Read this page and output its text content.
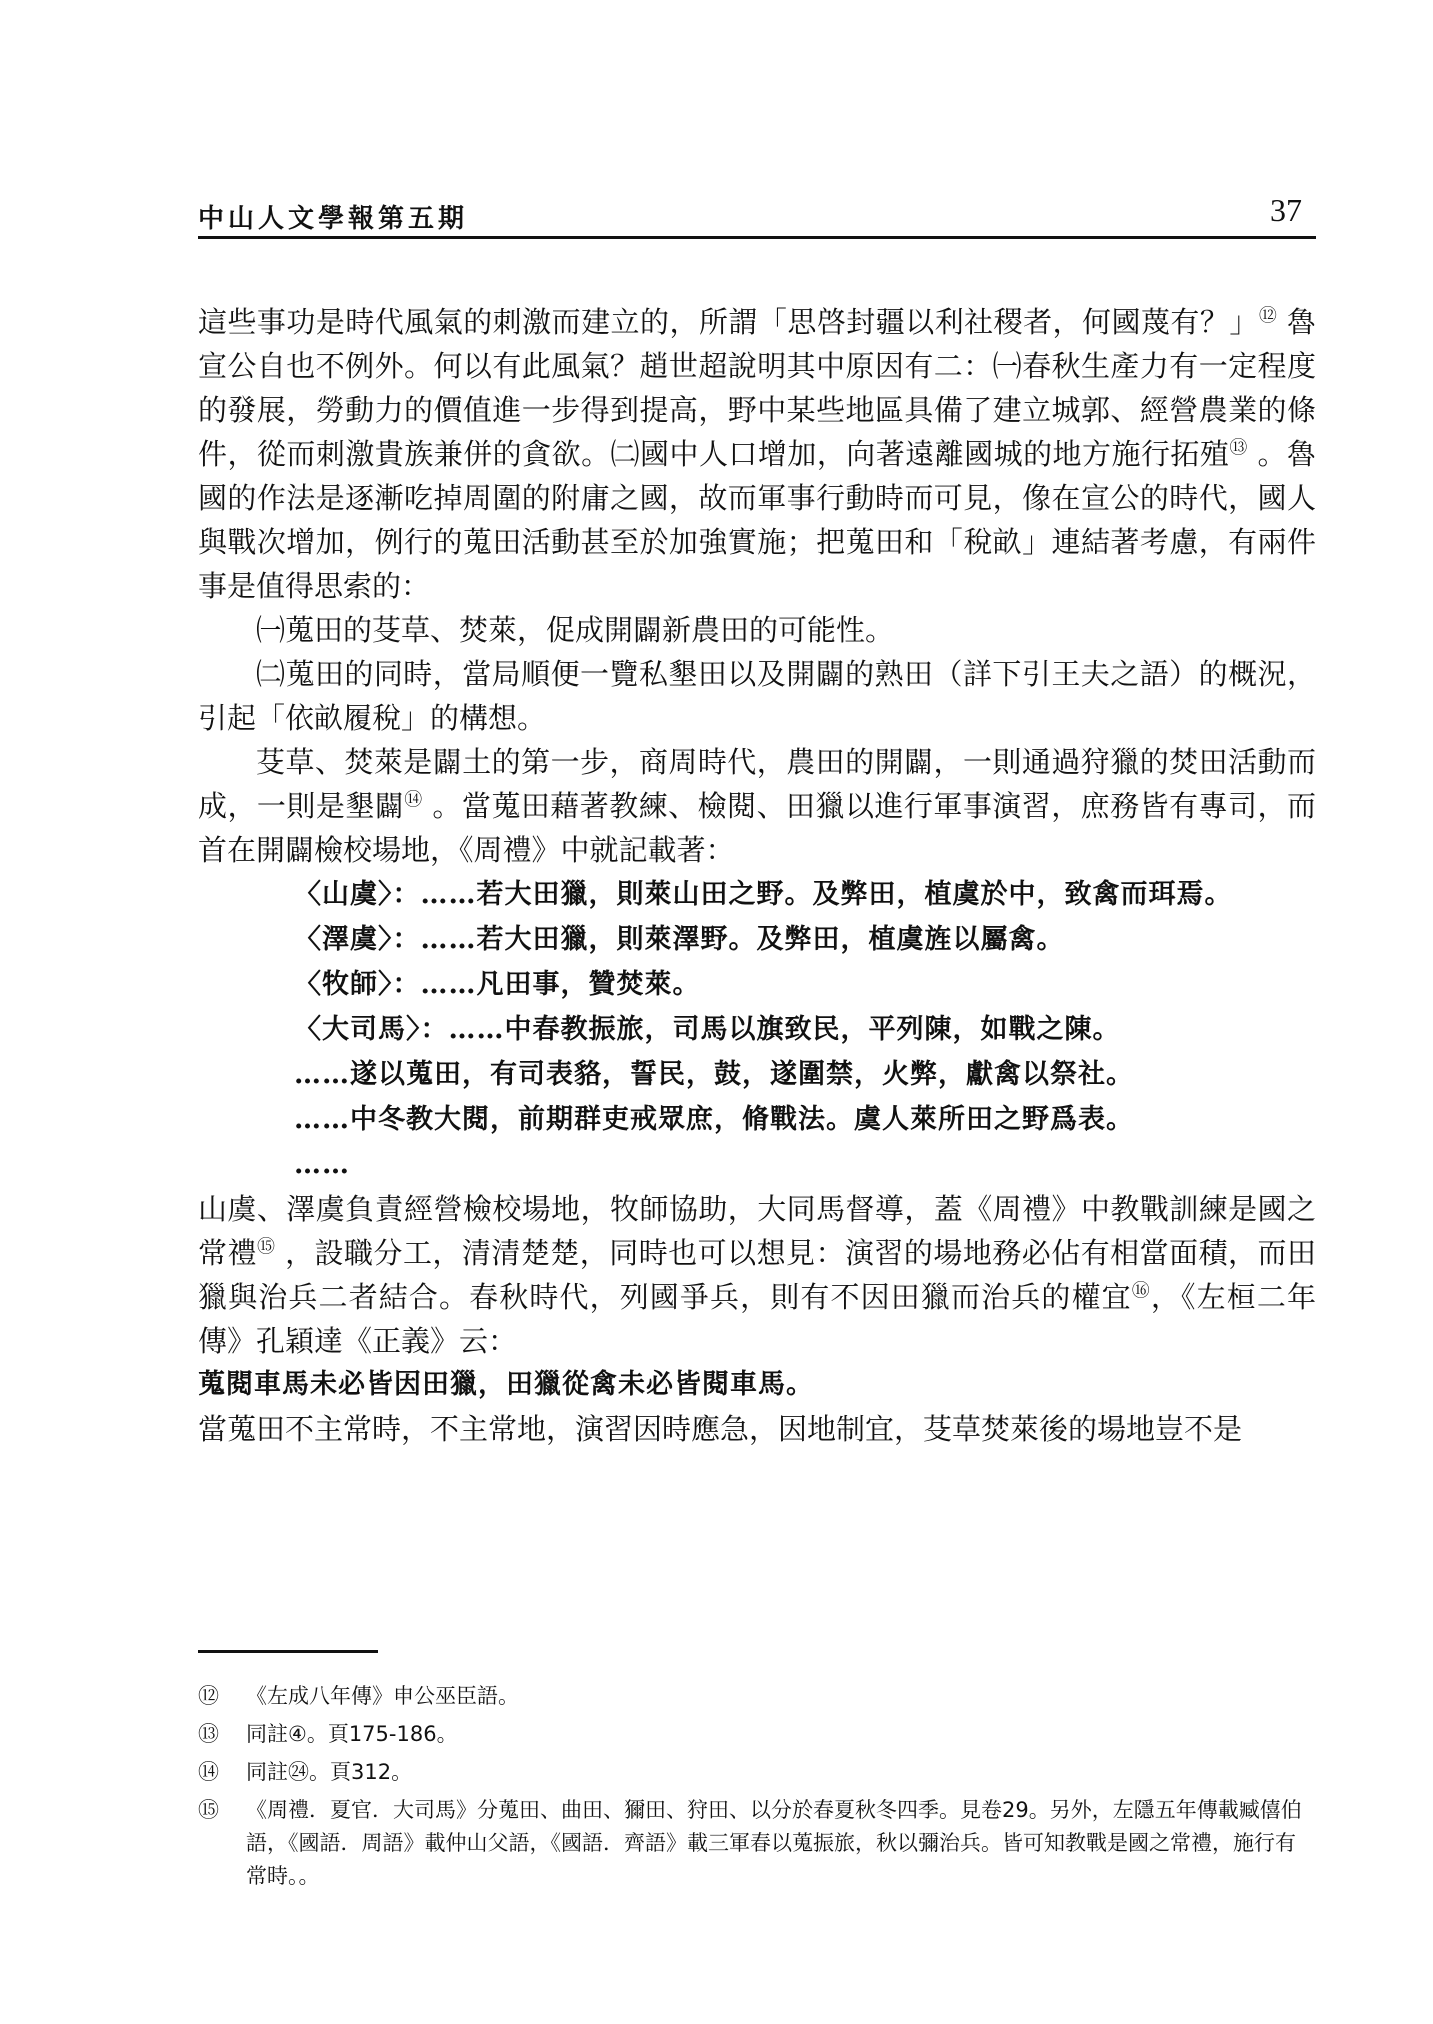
中山人文學報第五期	37

這些事功是時代風氣的刺激而建立的，所謂「思啓封疆以利社稷者，何國蔑有？」⑫ 魯宣公自也不例外。何以有此風氣？趙世超說明其中原因有二：㈠春秋生產力有一定程度的發展，勞動力的價值進一步得到提高，野中某些地區具備了建立城郭、經營農業的條件，從而刺激貴族兼併的貪欲。㈡國中人口增加，向著遠離國城的地方施行拓殖⑬ 。魯國的作法是逐漸吃掉周圍的附庸之國，故而軍事行動時而可見，像在宣公的時代，國人與戰次增加，例行的蒐田活動甚至於加強實施；把蒐田和「稅畝」連結著考慮，有兩件事是值得思索的：

㈠蒐田的芟草、焚萊，促成開闢新農田的可能性。

㈡蒐田的同時，當局順便一覽私墾田以及開闢的熟田（詳下引王夫之語）的概況，引起「依畝履稅」的構想。

芟草、焚萊是闢土的第一步，商周時代，農田的開闢，一則通過狩獵的焚田活動而成，一則是墾闢⑭ 。當蒐田藉著教練、檢閱、田獵以進行軍事演習，庶務皆有專司，而首在開闢檢校場地，《周禮》中就記載著：

〈山虞〉：……若大田獵，則萊山田之野。及弊田，植虞於中，致禽而珥焉。

〈澤虞〉：……若大田獵，則萊澤野。及弊田，植虞旌以屬禽。

〈牧師〉：……凡田事，贊焚萊。

〈大司馬〉：……中春教振旅，司馬以旗致民，平列陳，如戰之陳。

……遂以蒐田，有司表貉，誓民，鼓，遂圍禁，火弊，獻禽以祭社。

……中冬教大閱，前期群吏戒眾庶，脩戰法。虞人萊所田之野爲表。

……

山虞、澤虞負責經營檢校場地，牧師協助，大同馬督導，蓋《周禮》中教戰訓練是國之常禮⑮ ，設職分工，清清楚楚，同時也可以想見：演習的場地務必佔有相當面積，而田獵與治兵二者結合。春秋時代，列國爭兵，則有不因田獵而治兵的權宜⑯，《左桓二年傳》孔穎達《正義》云：

蒐閱車馬未必皆因田獵，田獵從禽未必皆閱車馬。

當蒐田不主常時，不主常地，演習因時應急，因地制宜，芟草焚萊後的場地豈不是

⑫ 《左成八年傳》申公巫臣語。
⑬ 同註④。頁175-186。
⑭ 同註㉔。頁312。
⑮ 《周禮．夏官．大司馬》分蒐田、曲田、獮田、狩田、以分於春夏秋冬四季。見卷29。另外，左隱五年傳載臧僖伯語，《國語．周語》載仲山父語，《國語．齊語》載三軍春以蒐振旅，秋以彌治兵。皆可知教戰是國之常禮，施行有常時。。
